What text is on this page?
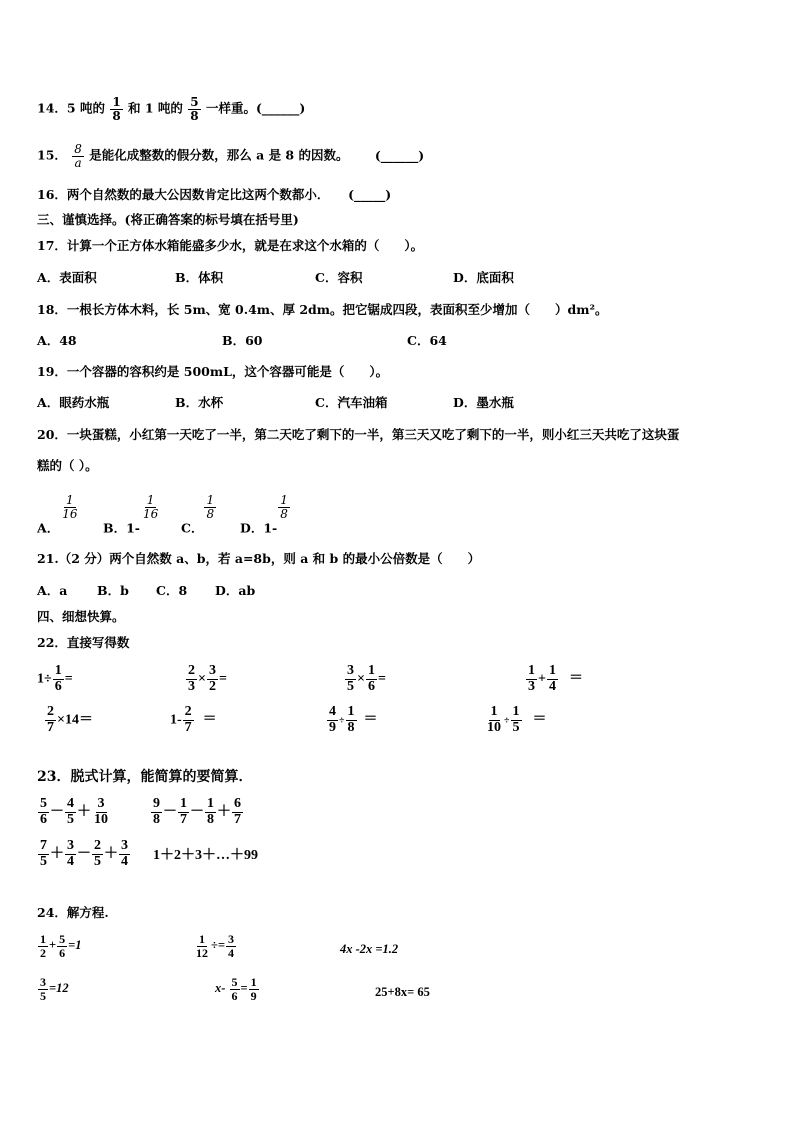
14．5 吨的 $\frac{1}{8}$ 和 1 吨的 $\frac{5}{8}$ 一样重。(______)
15． $\frac{8}{a}$ 是能化成整数的假分数，那么 a 是 8 的因数。 (______)
16．两个自然数的最大公因数肯定比这两个数都小．　　(_____)
三、谨慎选择。(将正确答案的标号填在括号里)
17．计算一个正方体水箱能盛多少水，就是在求这个水箱的（　　）。
A．表面积	B．体积	C．容积	D．底面积
18．一根长方体木料，长 5m、宽 0.4m、厚 2dm。把它锯成四段，表面积至少增加（　　）dm²。
A．48	B．60	C．64
19．一个容器的容积约是 500mL，这个容器可能是（　　）。
A．眼药水瓶	B．水杯	C．汽车油箱	D．墨水瓶
20．一块蛋糕，小红第一天吃了一半，第二天吃了剩下的一半，第三天又吃了剩下的一半，则小红三天共吃了这块蛋
糕的（ ）。
A．
$\frac{1}{16}$
B．1-
$\frac{1}{16}$
C．
$\frac{1}{8}$
D．1-
$\frac{1}{8}$
21.（2 分）两个自然数 a、b，若 a=8b，则 a 和 b 的最小公倍数是（　　）
A．a B．b C．8 D．ab
四、细想快算。
22．直接写得数
$1\div \frac{1}{6}$ =	$\frac{2}{3} \times \frac{3}{2}$ =	$\frac{3}{5} \times \frac{1}{6}$ =	$\frac{1}{3} + \frac{1}{4}$ ＝
$\frac{2}{7} \times 14=$	$1- \frac{2}{7}$ ＝	$\frac{4}{9} \div \frac{1}{8}$ ＝	$\frac{1}{10} \div \frac{1}{5}$ ＝
23．脱式计算，能简算的要简算．
$\frac{5}{6} - \frac{4}{5} + \frac{3}{10}$	$\frac{9}{8} - \frac{1}{7} - \frac{1}{8} + \frac{6}{7}$
$\frac{7}{5} + \frac{3}{4} - \frac{2}{5} + \frac{3}{4}$ 1＋2＋3＋…＋99
24．解方程.
$\frac{1}{2} + \frac{5}{6} =1$	$\frac{1}{12} \div= \frac{3}{4}$	4x -2x =1.2
$\frac{3}{5} =12$	$x- \frac{5}{6} = \frac{1}{9}$	25+8x= 65
